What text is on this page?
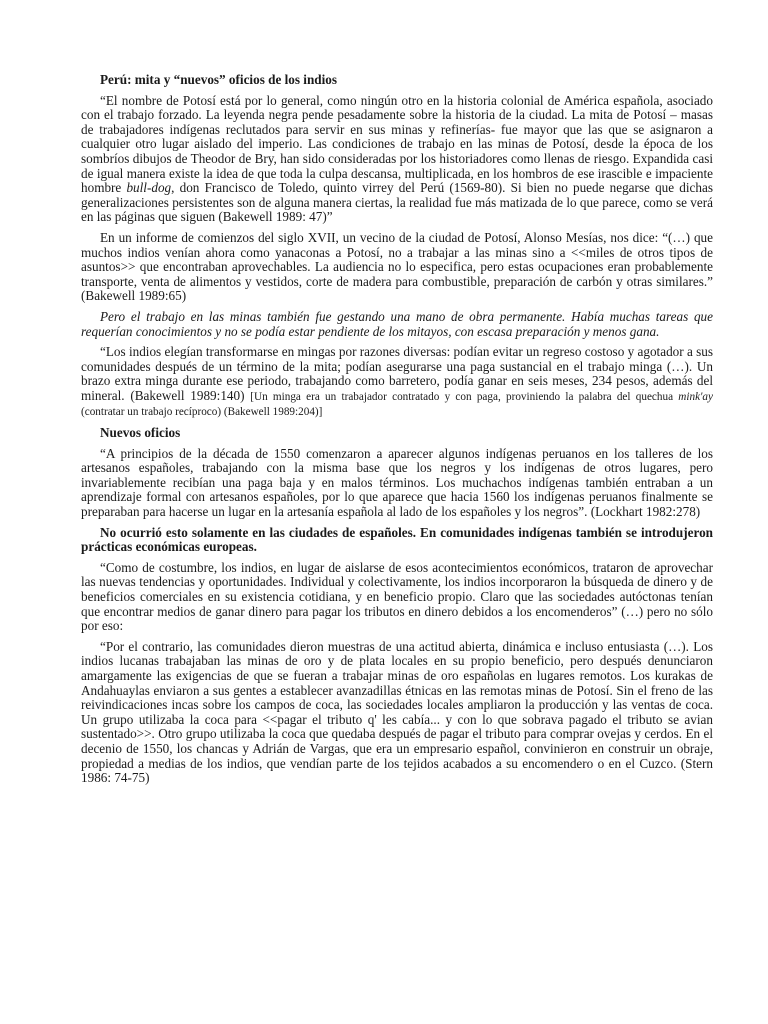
Perú: mita y “nuevos” oficios de los indios

“El nombre de Potosí está por lo general, como ningún otro en la historia colonial de América española, asociado con el trabajo forzado. La leyenda negra pende pesadamente sobre la historia de la ciudad. La mita de Potosí – masas de trabajadores indígenas reclutados para servir en sus minas y refinerías- fue mayor que las que se asignaron a cualquier otro lugar aislado del imperio. Las condiciones de trabajo en las minas de Potosí, desde la época de los sombríos dibujos de Theodor de Bry, han sido consideradas por los historiadores como llenas de riesgo. Expandida casi de igual manera existe la idea de que toda la culpa descansa, multiplicada, en los hombros de ese irascible e impaciente hombre bull-dog, don Francisco de Toledo, quinto virrey del Perú (1569-80). Si bien no puede negarse que dichas generalizaciones persistentes son de alguna manera ciertas, la realidad fue más matizada de lo que parece, como se verá en las páginas que siguen (Bakewell 1989: 47)”

En un informe de comienzos del siglo XVII, un vecino de la ciudad de Potosí, Alonso Mesías, nos dice: “(…) que muchos indios venían ahora como yanaconas a Potosí, no a trabajar a las minas sino a <<miles de otros tipos de asuntos>> que encontraban aprovechables. La audiencia no lo especifica, pero estas ocupaciones eran probablemente transporte, venta de alimentos y vestidos, corte de madera para combustible, preparación de carbón y otras similares.” (Bakewell 1989:65)

Pero el trabajo en las minas también fue gestando una mano de obra permanente. Había muchas tareas que requerían conocimientos y no se podía estar pendiente de los mitayos, con escasa preparación y menos gana.

“Los indios elegían transformarse en mingas por razones diversas: podían evitar un regreso costoso y agotador a sus comunidades después de un término de la mita; podían asegurarse una paga sustancial en el trabajo minga (…). Un brazo extra minga durante ese periodo, trabajando como barretero, podía ganar en seis meses, 234 pesos, además del mineral. (Bakewell 1989:140) [Un minga era un trabajador contratado y con paga, proviniendo la palabra del quechua mink'ay (contratar un trabajo recíproco) (Bakewell 1989:204)]

Nuevos oficios

“A principios de la década de 1550 comenzaron a aparecer algunos indígenas peruanos en los talleres de los artesanos españoles, trabajando con la misma base que los negros y los indígenas de otros lugares, pero invariablemente recibían una paga baja y en malos términos. Los muchachos indígenas también entraban a un aprendizaje formal con artesanos españoles, por lo que aparece que hacia 1560 los indígenas peruanos finalmente se preparaban para hacerse un lugar en la artesanía española al lado de los españoles y los negros”. (Lockhart 1982:278)

No ocurrió esto solamente en las ciudades de españoles. En comunidades indígenas también se introdujeron prácticas económicas europeas.

“Como de costumbre, los indios, en lugar de aislarse de esos acontecimientos económicos, trataron de aprovechar las nuevas tendencias y oportunidades. Individual y colectivamente, los indios incorporaron la búsqueda de dinero y de beneficios comerciales en su existencia cotidiana, y en beneficio propio. Claro que las sociedades autóctonas tenían que encontrar medios de ganar dinero para pagar los tributos en dinero debidos a los encomenderos” (…) pero no sólo por eso:

“Por el contrario, las comunidades dieron muestras de una actitud abierta, dinámica e incluso entusiasta (…). Los indios lucanas trabajaban las minas de oro y de plata locales en su propio beneficio, pero después denunciaron amargamente las exigencias de que se fueran a trabajar minas de oro españolas en lugares remotos. Los kurakas de Andahuaylas enviaron a sus gentes a establecer avanzadillas étnicas en las remotas minas de Potosí. Sin el freno de las reivindicaciones incas sobre los campos de coca, las sociedades locales ampliaron la producción y las ventas de coca. Un grupo utilizaba la coca para <<pagar el tributo q' les cabía... y con lo que sobrava pagado el tributo se avian sustentado>>. Otro grupo utilizaba la coca que quedaba después de pagar el tributo para comprar ovejas y cerdos. En el decenio de 1550, los chancas y Adrián de Vargas, que era un empresario español, convinieron en construir un obraje, propiedad a medias de los indios, que vendían parte de los tejidos acabados a su encomendero o en el Cuzco. (Stern 1986: 74-75)
